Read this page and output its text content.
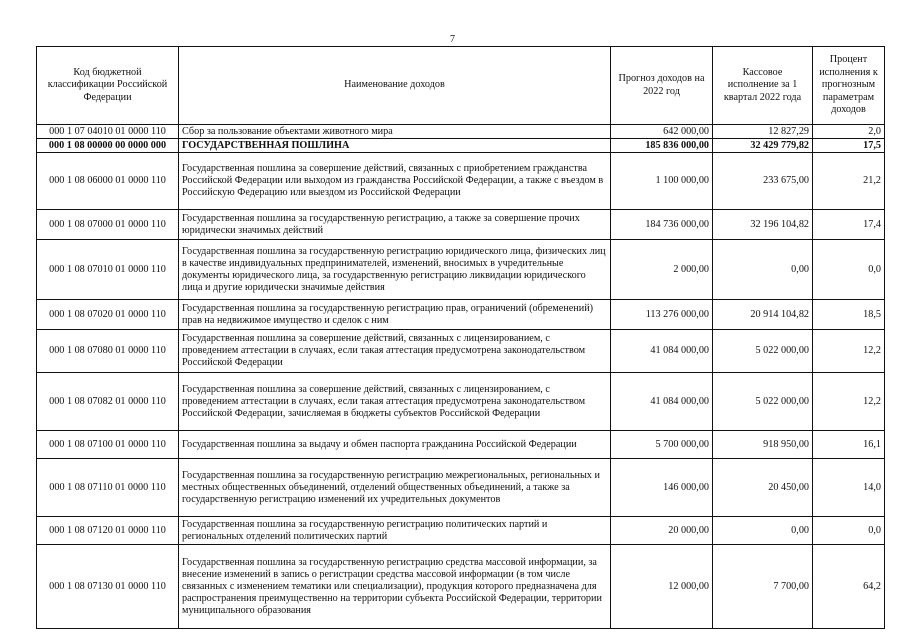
7
Код бюджетной классификации Российской Федерации	Наименование доходов	Прогноз доходов на 2022 год	Кассовое исполнение за 1 квартал 2022 года	Процент исполнения к прогнозным параметрам доходов
000 1 07 04010 01 0000 110	Сбор за пользование объектами животного мира	642 000,00	12 827,29	2,0
000 1 08 00000 00 0000 000	ГОСУДАРСТВЕННАЯ ПОШЛИНА	185 836 000,00	32 429 779,82	17,5
000 1 08 06000 01 0000 110	Государственная пошлина за совершение действий, связанных с приобретением гражданства Российской Федерации или выходом из гражданства Российской Федерации, а также с въездом в Российскую Федерацию или выездом из Российской Федерации	1 100 000,00	233 675,00	21,2
000 1 08 07000 01 0000 110	Государственная пошлина за государственную регистрацию, а также за совершение прочих юридически значимых действий	184 736 000,00	32 196 104,82	17,4
000 1 08 07010 01 0000 110	Государственная пошлина за государственную регистрацию юридического лица, физических лиц в качестве индивидуальных предпринимателей, изменений, вносимых в учредительные документы юридического лица, за государственную регистрацию ликвидации юридического лица и другие юридически значимые действия	2 000,00	0,00	0,0
000 1 08 07020 01 0000 110	Государственная пошлина за государственную регистрацию прав, ограничений (обременений) прав на недвижимое имущество и сделок с ним	113 276 000,00	20 914 104,82	18,5
000 1 08 07080 01 0000 110	Государственная пошлина за совершение действий, связанных с лицензированием, с проведением аттестации в случаях, если такая аттестация предусмотрена законодательством Российской Федерации	41 084 000,00	5 022 000,00	12,2
000 1 08 07082 01 0000 110	Государственная пошлина за совершение действий, связанных с лицензированием, с проведением аттестации в случаях, если такая аттестация предусмотрена законодательством Российской Федерации, зачисляемая в бюджеты субъектов Российской Федерации	41 084 000,00	5 022 000,00	12,2
000 1 08 07100 01 0000 110	Государственная пошлина за выдачу и обмен паспорта гражданина Российской Федерации	5 700 000,00	918 950,00	16,1
000 1 08 07110 01 0000 110	Государственная пошлина за государственную регистрацию межрегиональных, региональных и местных общественных объединений, отделений общественных объединений, а также за государственную регистрацию изменений их учредительных документов	146 000,00	20 450,00	14,0
000 1 08 07120 01 0000 110	Государственная пошлина за государственную регистрацию политических партий и региональных отделений политических партий	20 000,00	0,00	0,0
000 1 08 07130 01 0000 110	Государственная пошлина за государственную регистрацию средства массовой информации, за внесение изменений в запись о регистрации средства массовой информации (в том числе связанных с изменением тематики или специализации), продукция которого предназначена для распространения преимущественно на территории субъекта Российской Федерации, территории муниципального образования	12 000,00	7 700,00	64,2
